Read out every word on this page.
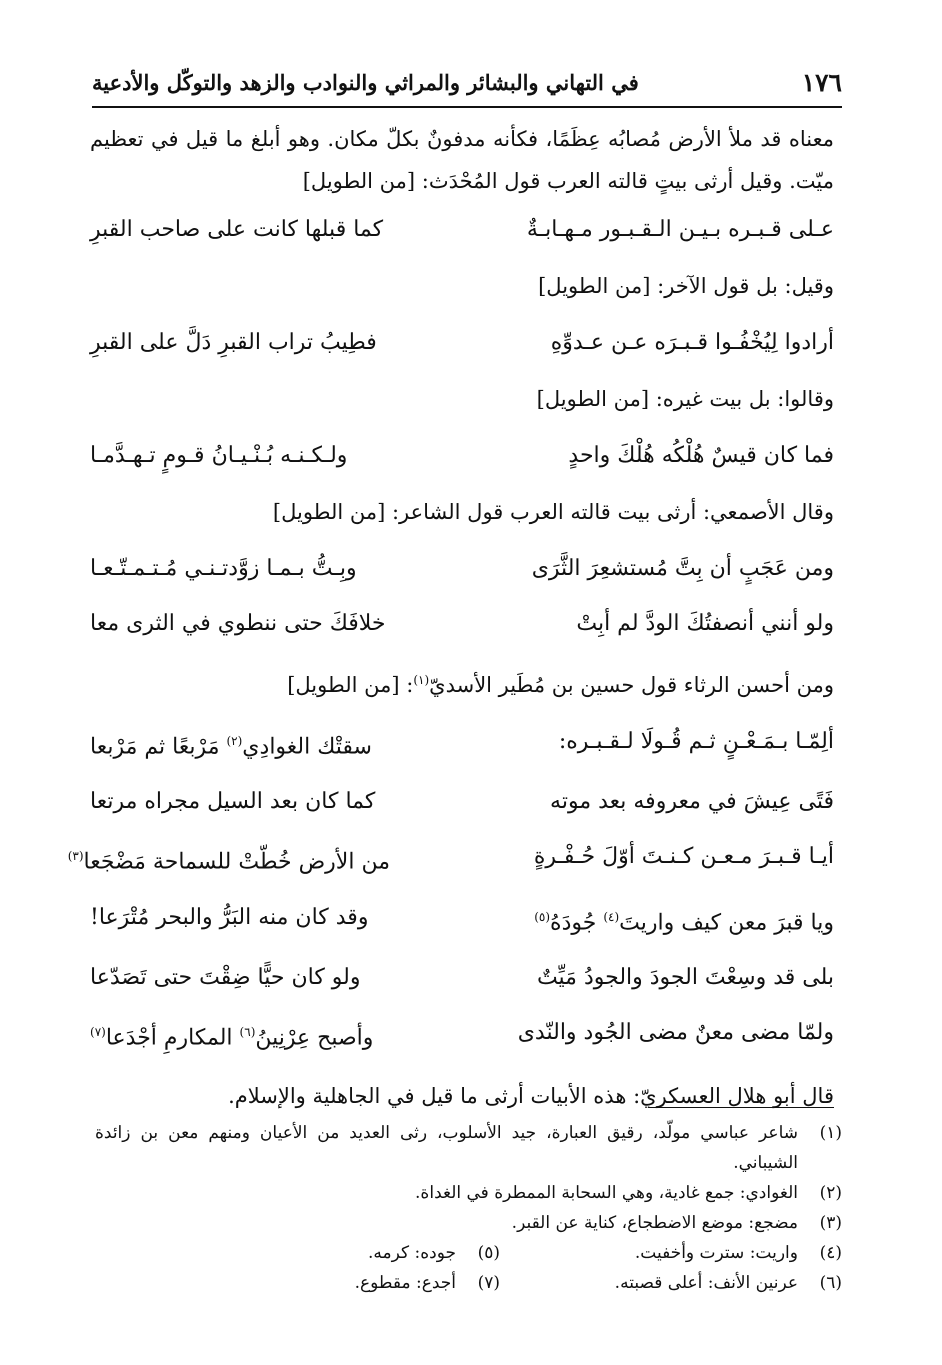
١٧٦
في التهاني والبشائر والمراثي والنوادب والزهد والتوكّل والأدعية

معناه قد ملأ الأرض مُصابُه عِظَمًا، فكأنه مدفونٌ بكلّ مكان. وهو أبلغ ما قيل في تعظيم ميّت. وقيل أرثى بيتٍ قالته العرب قول المُحْدَث: [من الطويل]

عـلى قـبـره بـيـن الـقـبـور مـهـابـةٌ
كما قبلها كانت على صاحب القبرِ

وقيل: بل قول الآخر: [من الطويل]

أرادوا لِيُخْفُـوا قـبـرَه عـن عـدوِّهِ
فطِيبُ تراب القبرِ دَلَّ على القبرِ

وقالوا: بل بيت غيره: [من الطويل]

فما كان قيسٌ هُلْكُه هُلْكَ واحدٍ
ولـكـنـه بُـنْـيـانُ قـومٍ تـهـدَّمـا

وقال الأصمعي: أرثى بيت قالته العرب قول الشاعر: [من الطويل]

ومن عَجَبٍ أن بِتَّ مُستشعِرَ الثَّرَى
وبِـتُّ بـمـا زوَّدتـنـي مُـتـمـتّـعـا
ولو أنني أنصفتُكَ الودَّ لم أبِتْ
خلافَكَ حتى ننطوي في الثرى معا

ومن أحسن الرثاء قول حسين بن مُطَير الأسديّ$^{(١)}$: [من الطويل]

ألِمّـا بـمَـعْـنٍ ثـم قُـولَا لـقـبـره:
سقتْك الغوادِي$^{(٢)}$ مَرْبعًا ثم مَرْبعا
فَتًى عِيشَ في معروفه بعد موته
كما كان بعد السيل مجراه مرتعا
أيـا قـبـرَ مـعـن كـنـتَ أوّلَ حُـفْـرةٍ
من الأرض خُطّتْ للسماحة مَضْجَعا$^{(٣)}$
ويا قبرَ معن كيف واريتَ$^{(٤)}$ جُودَهُ$^{(٥)}$
وقد كان منه البَرُّ والبحر مُتْرَعا!
بلى قد وسِعْتَ الجودَ والجودُ مَيِّتٌ
ولو كان حيًّا ضِقْتَ حتى تَصَدّعا
ولمّا مضى معنٌ مضى الجُود والنّدى
وأصبح عِرْنِينُ$^{(٦)}$ المكارمِ أجْدَعا$^{(٧)}$

قال أبو هلال العسكريّ: هذه الأبيات أرثى ما قيل في الجاهلية والإسلام.

(١)
شاعر عباسي مولّد، رقيق العبارة، جيد الأسلوب، رثى العديد من الأعيان ومنهم معن بن زائدة الشيباني.
(٢)
الغوادي: جمع غادية، وهي السحابة الممطرة في الغداة.
(٣)
مضجع: موضع الاضطجاع، كناية عن القبر.
(٤)
واريت: سترت وأخفيت.
(٥)
جوده: كرمه.
(٦)
عرنين الأنف: أعلى قصبته.
(٧)
أجدع: مقطوع.
